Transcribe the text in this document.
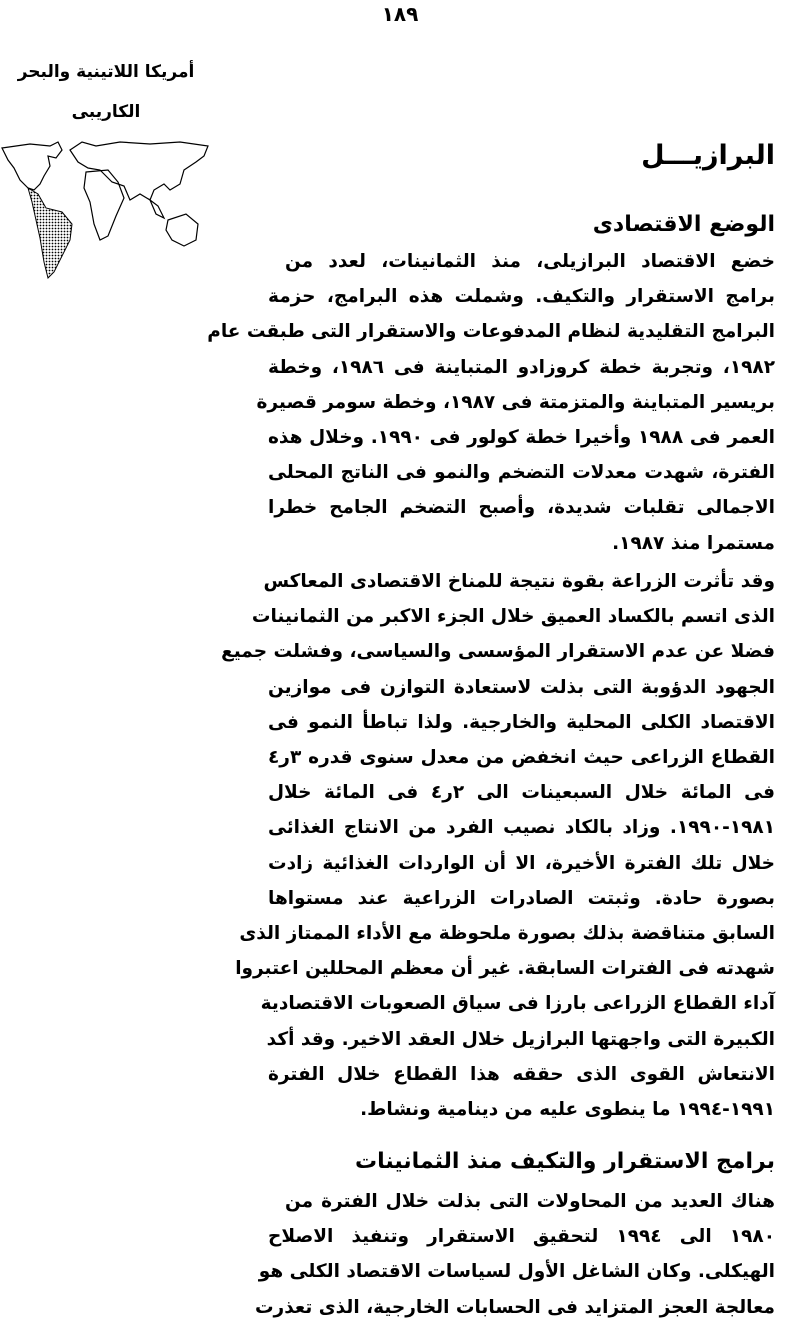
١٨٩
أمريكا اللاتينية والبحر
الكاريبى
البرازيـــل
الوضع الاقتصادى
خضع الاقتصاد البرازيلى، منذ الثمانينات، لعدد من
برامج الاستقرار والتكيف. وشملت هذه البرامج، حزمة
البرامج التقليدية لنظام المدفوعات والاستقرار التى طبقت عام
١٩٨٢، وتجربة خطة كروزادو المتباينة فى ١٩٨٦، وخطة
بريسير المتباينة والمتزمتة فى ١٩٨٧، وخطة سومر قصيرة
العمر فى ١٩٨٨ وأخيرا خطة كولور فى ١٩٩٠. وخلال هذه
الفترة، شهدت معدلات التضخم والنمو فى الناتج المحلى
الاجمالى تقلبات شديدة، وأصبح التضخم الجامح خطرا
مستمرا منذ ١٩٨٧.
وقد تأثرت الزراعة بقوة نتيجة للمناخ الاقتصادى المعاكس
الذى اتسم بالكساد العميق خلال الجزء الاكبر من الثمانينات
فضلا عن عدم الاستقرار المؤسسى والسياسى، وفشلت جميع
الجهود الدؤوبة التى بذلت لاستعادة التوازن فى موازين
الاقتصاد الكلى المحلية والخارجية. ولذا تباطأ النمو فى
القطاع الزراعى حيث انخفض من معدل سنوى قدره ٣ر٤
فى المائة خلال السبعينات الى ٢ر٤ فى المائة خلال
١٩٨١-١٩٩٠. وزاد بالكاد نصيب الفرد من الانتاج الغذائى
خلال تلك الفترة الأخيرة، الا أن الواردات الغذائية زادت
بصورة حادة. وثبتت الصادرات الزراعية عند مستواها
السابق متناقضة بذلك بصورة ملحوظة مع الأداء الممتاز الذى
شهدته فى الفترات السابقة. غير أن معظم المحللين اعتبروا
آداء القطاع الزراعى بارزا فى سياق الصعوبات الاقتصادية
الكبيرة التى واجهتها البرازيل خلال العقد الاخير. وقد أكد
الانتعاش القوى الذى حققه هذا القطاع خلال الفترة
١٩٩١-١٩٩٤ ما ينطوى عليه من دينامية ونشاط.
برامج الاستقرار والتكيف منذ الثمانينات
هناك العديد من المحاولات التى بذلت خلال الفترة من
١٩٨٠ الى ١٩٩٤ لتحقيق الاستقرار وتنفيذ الاصلاح
الهيكلى. وكان الشاغل الأول لسياسات الاقتصاد الكلى هو
معالجة العجز المتزايد فى الحسابات الخارجية، الذى تعذرت
